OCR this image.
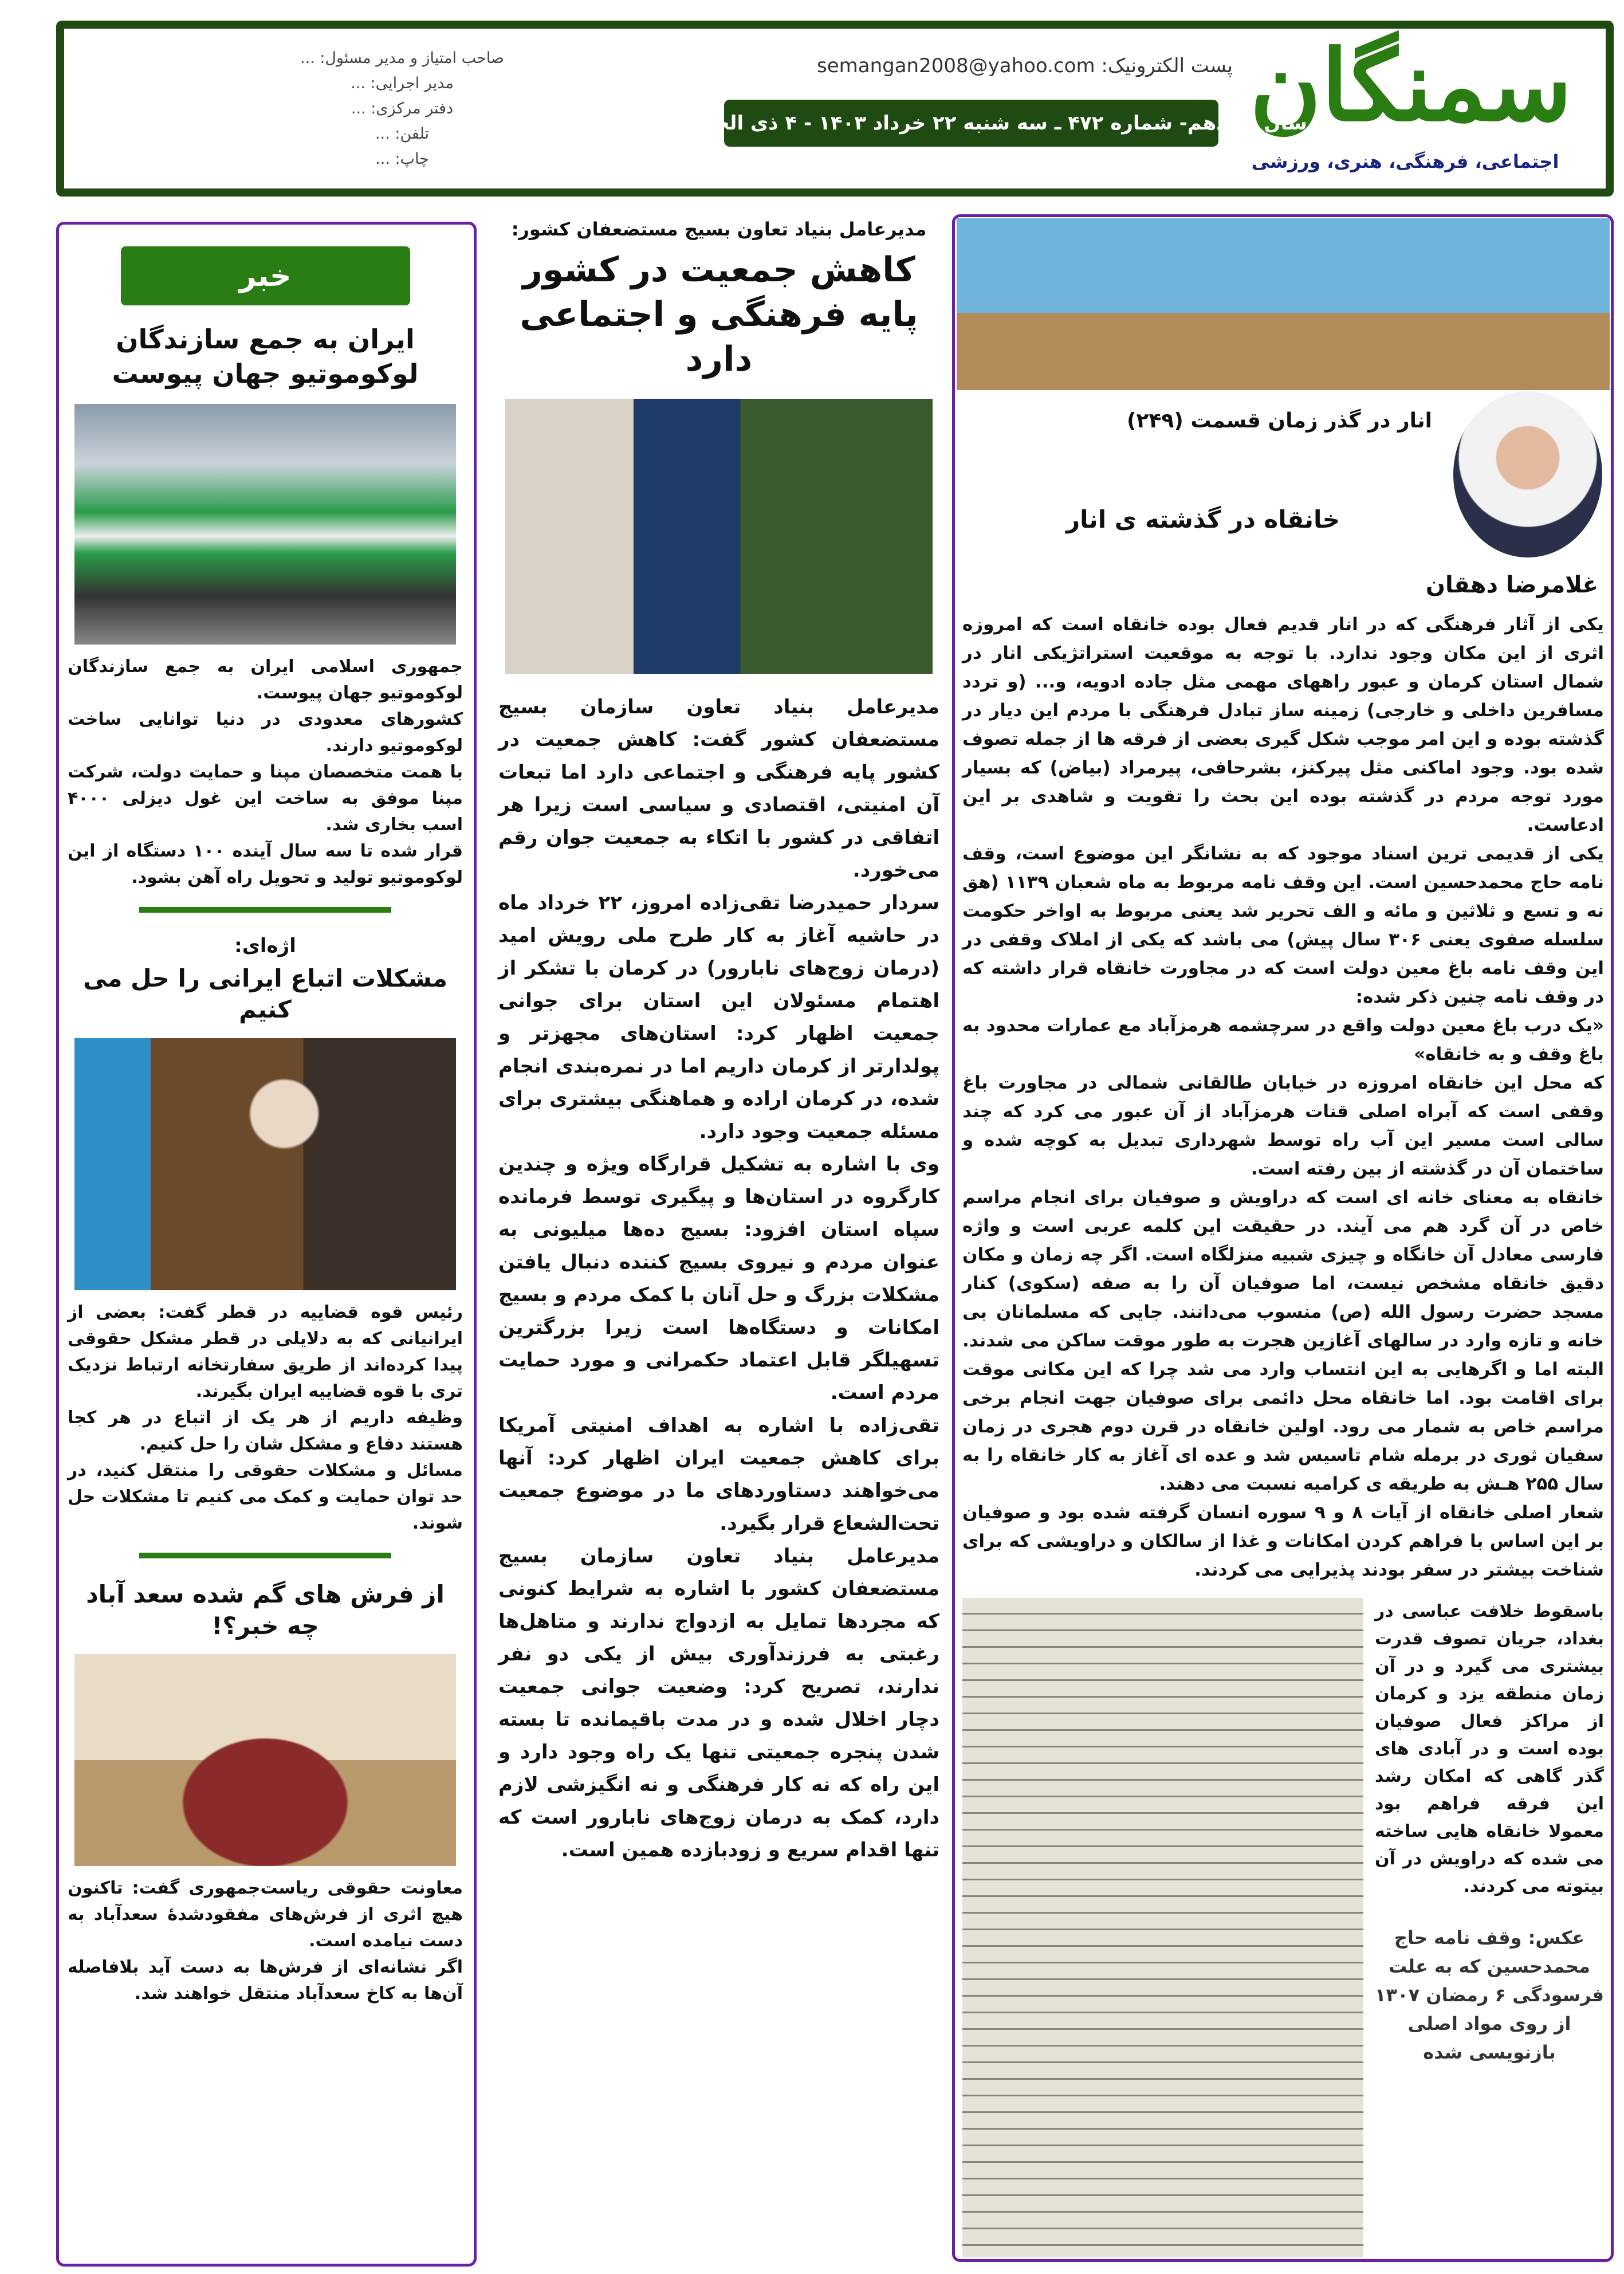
سمنگان
اجتماعی، فرهنگی، هنری، ورزشی
پست الکترونیک: semangan2008@yahoo.com
سال نوزدهم- شماره ۴۷۲ ـ سه شنبه ۲۲ خرداد ۱۴۰۳ - ۴ ذی الحجه ۱۴۴۵
صاحب امتیاز و مدیر مسئول: ...
مدیر اجرایی: ...
دفتر مرکزی: ...
تلفن: ...
چاپ: ...
خبر
ایران به جمع سازندگان لوکوموتیو جهان پیوست

جمهوری اسلامی ایران به جمع سازندگان لوکوموتیو جهان پیوست.

کشورهای معدودی در دنیا توانایی ساخت لوکوموتیو دارند.

با همت متخصصان مپنا و حمایت دولت، شرکت مپنا موفق به ساخت این غول دیزلی ۴۰۰۰ اسب بخاری شد.

قرار شده تا سه سال آینده ۱۰۰ دستگاه از این لوکوموتیو تولید و تحویل راه آهن بشود.

اژه‌ای:
مشکلات اتباع ایرانی را حل می کنیم

رئیس قوه قضاییه در قطر گفت: بعضی از ایرانیانی که به دلایلی در قطر مشکل حقوقی پیدا کرده‌اند از طریق سفارتخانه ارتباط نزدیک تری با قوه قضاییه ایران بگیرند.

وظیفه داریم از هر یک از اتباع در هر کجا هستند دفاع و مشکل شان را حل کنیم.

مسائل و مشکلات حقوقی را منتقل کنید، در حد توان حمایت و کمک می کنیم تا مشکلات حل شوند.

از فرش های گم شده سعد آباد چه خبر؟!

معاونت حقوقی ریاست‌جمهوری گفت: تاکنون هیچ اثری از فرش‌های مفقودشدهٔ سعدآباد به دست نیامده است.

اگر نشانه‌ای از فرش‌ها به دست آید بلافاصله آن‌ها به کاخ سعدآباد منتقل خواهند شد.

مدیرعامل بنیاد تعاون بسیج مستضعفان کشور:
کاهش جمعیت در کشور پایه فرهنگی و اجتماعی دارد

مدیرعامل بنیاد تعاون سازمان بسیج مستضعفان کشور گفت: کاهش جمعیت در کشور پایه فرهنگی و اجتماعی دارد اما تبعات آن امنیتی، اقتصادی و سیاسی است زیرا هر اتفاقی در کشور با اتکاء به جمعیت جوان رقم می‌خورد.

سردار حمیدرضا تقی‌زاده امروز، ۲۲ خرداد ماه در حاشیه آغاز به کار طرح ملی رویش امید (درمان زوج‌های نابارور) در کرمان با تشکر از اهتمام مسئولان این استان برای جوانی جمعیت اظهار کرد: استان‌های مجهزتر و پولدارتر از کرمان داریم اما در نمره‌بندی انجام شده، در کرمان اراده و هماهنگی بیشتری برای مسئله جمعیت وجود دارد.

وی با اشاره به تشکیل قرارگاه ویژه و چندین کارگروه در استان‌ها و پیگیری توسط فرمانده سپاه استان افزود: بسیج ده‌ها میلیونی به عنوان مردم و نیروی بسیج کننده دنبال یافتن مشکلات بزرگ و حل آنان با کمک مردم و بسیج امکانات و دستگاه‌ها است زیرا بزرگترین تسهیلگر قابل اعتماد حکمرانی و مورد حمایت مردم است.

تقی‌زاده با اشاره به اهداف امنیتی آمریکا برای کاهش جمعیت ایران اظهار کرد: آنها می‌خواهند دستاوردهای ما در موضوع جمعیت تحت‌الشعاع قرار بگیرد.

مدیرعامل بنیاد تعاون سازمان بسیج مستضعفان کشور با اشاره به شرایط کنونی که مجردها تمایل به ازدواج ندارند و متاهل‌ها رغبتی به فرزندآوری بیش از یکی دو نفر ندارند، تصریح کرد: وضعیت جوانی جمعیت دچار اخلال شده و در مدت باقیمانده تا بسته شدن پنجره جمعیتی تنها یک راه وجود دارد و این راه که نه کار فرهنگی و نه انگیزشی لازم دارد، کمک به درمان زوج‌های نابارور است که تنها اقدام سریع و زودبازده همین است.

انار در گذر زمان قسمت (۲۴۹)
خانقاه در گذشته ی انار
غلامرضا دهقان

یکی از آثار فرهنگی که در انار قدیم فعال بوده خانقاه است که امروزه اثری از این مکان وجود ندارد. با توجه به موقعیت استراتژیکی انار در شمال استان کرمان و عبور راههای مهمی مثل جاده ادویه، و... (و تردد مسافرین داخلی و خارجی) زمینه ساز تبادل فرهنگی با مردم این دیار در گذشته بوده و این امر موجب شکل گیری بعضی از فرقه ها از جمله تصوف شده بود. وجود اماکنی مثل پیرکنز، بشرحافی، پیرمراد (بیاض) که بسیار مورد توجه مردم در گذشته بوده این بحث را تقویت و شاهدی بر این ادعاست.

یکی از قدیمی ترین اسناد موجود که به نشانگر این موضوع است، وقف نامه حاج محمدحسین است. این وقف نامه مربوط به ماه شعبان ۱۱۳۹ (هق نه و تسع و ثلاثین و مائه و الف تحریر شد یعنی مربوط به اواخر حکومت سلسله صفوی یعنی ۳۰۶ سال پیش) می باشد که یکی از املاک وقفی در این وقف نامه باغ معین دولت است که در مجاورت خانقاه قرار داشته که در وقف نامه چنین ذکر شده:

«یک درب باغ معین دولت واقع در سرچشمه هرمزآباد مع عمارات محدود به باغ وقف و به خانقاه»

که محل این خانقاه امروزه در خیابان طالقانی شمالی در مجاورت باغ وقفی است که آبراه اصلی قنات هرمزآباد از آن عبور می کرد که چند سالی است مسیر این آب راه توسط شهرداری تبدیل به کوچه شده و ساختمان آن در گذشته از بین رفته است.

خانقاه به معنای خانه ای است که دراویش و صوفیان برای انجام مراسم خاص در آن گرد هم می آیند. در حقیقت این کلمه عربی است و واژه فارسی معادل آن خانگاه و چیزی شبیه منزلگاه است. اگر چه زمان و مکان دقیق خانقاه مشخص نیست، اما صوفیان آن را به صفه (سکوی) کنار مسجد حضرت رسول الله (ص) منسوب می‌دانند. جایی که مسلمانان بی خانه و تازه وارد در سالهای آغازین هجرت به طور موقت ساکن می شدند. البته اما و اگرهایی به این انتساب وارد می شد چرا که این مکانی موقت برای اقامت بود. اما خانقاه محل دائمی برای صوفیان جهت انجام برخی مراسم خاص به شمار می رود. اولین خانقاه در قرن دوم هجری در زمان سفیان ثوری در برمله شام تاسیس شد و عده ای آغاز به کار خانقاه را به سال ۲۵۵ هـش به طریقه ی کرامیه نسبت می دهند.

شعار اصلی خانقاه از آیات ۸ و ۹ سوره انسان گرفته شده بود و صوفیان بر این اساس با فراهم کردن امکانات و غذا از سالکان و دراویشی که برای شناخت بیشتر در سفر بودند پذیرایی می کردند.

باسقوط خلافت عباسی در بغداد، جریان تصوف قدرت بیشتری می گیرد و در آن زمان منطقه یزد و کرمان از مراکز فعال صوفیان بوده است و در آبادی های گذر گاهی که امکان رشد این فرقه فراهم بود معمولا خانقاه هایی ساخته می شده که دراویش در آن بیتوته می کردند.
عکس: وقف نامه حاج محمدحسین که به علت فرسودگی ۶ رمضان ۱۳۰۷ از روی مواد اصلی بازنویسی شده
